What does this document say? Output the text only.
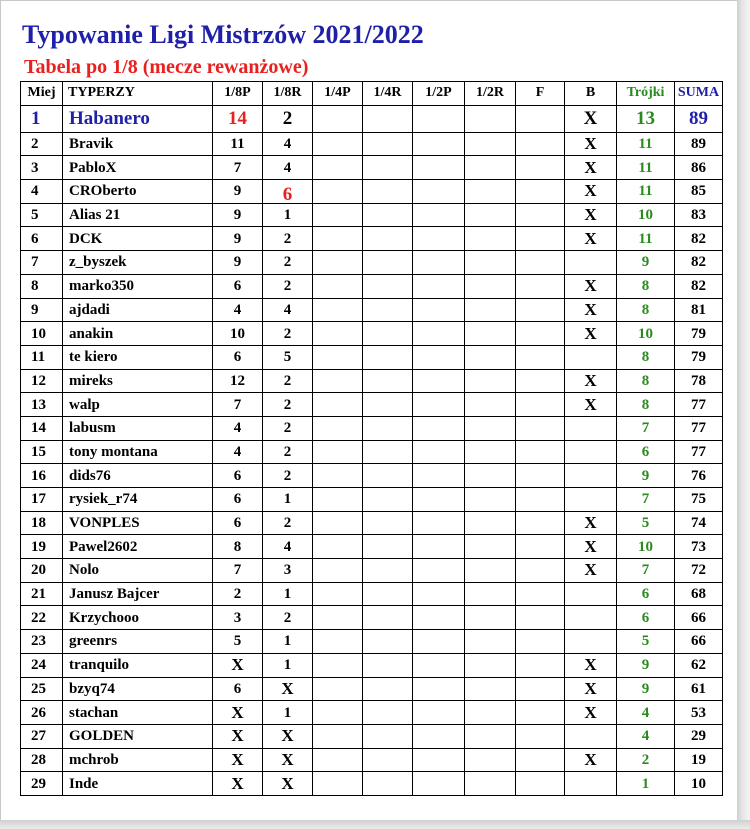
Typowanie Ligi Mistrzów 2021/2022
Tabela po 1/8 (mecze rewanżowe)
Miej	TYPERZY	1/8P	1/8R	1/4P	1/4R	1/2P	1/2R	F	B	Trójki	SUMA
1	Habanero	14	2						X	13	89
2	Bravik	11	4						X	11	89
3	PabloX	7	4						X	11	86
4	CROberto	9	6						X	11	85
5	Alias 21	9	1						X	10	83
6	DCK	9	2						X	11	82
7	z_byszek	9	2							9	82
8	marko350	6	2						X	8	82
9	ajdadi	4	4						X	8	81
10	anakin	10	2						X	10	79
11	te kiero	6	5							8	79
12	mireks	12	2						X	8	78
13	walp	7	2						X	8	77
14	labusm	4	2							7	77
15	tony montana	4	2							6	77
16	dids76	6	2							9	76
17	rysiek_r74	6	1							7	75
18	VONPLES	6	2						X	5	74
19	Pawel2602	8	4						X	10	73
20	Nolo	7	3						X	7	72
21	Janusz Bajcer	2	1							6	68
22	Krzychooo	3	2							6	66
23	greenrs	5	1							5	66
24	tranquilo	X	1						X	9	62
25	bzyq74	6	X						X	9	61
26	stachan	X	1						X	4	53
27	GOLDEN	X	X							4	29
28	mchrob	X	X						X	2	19
29	Inde	X	X							1	10
